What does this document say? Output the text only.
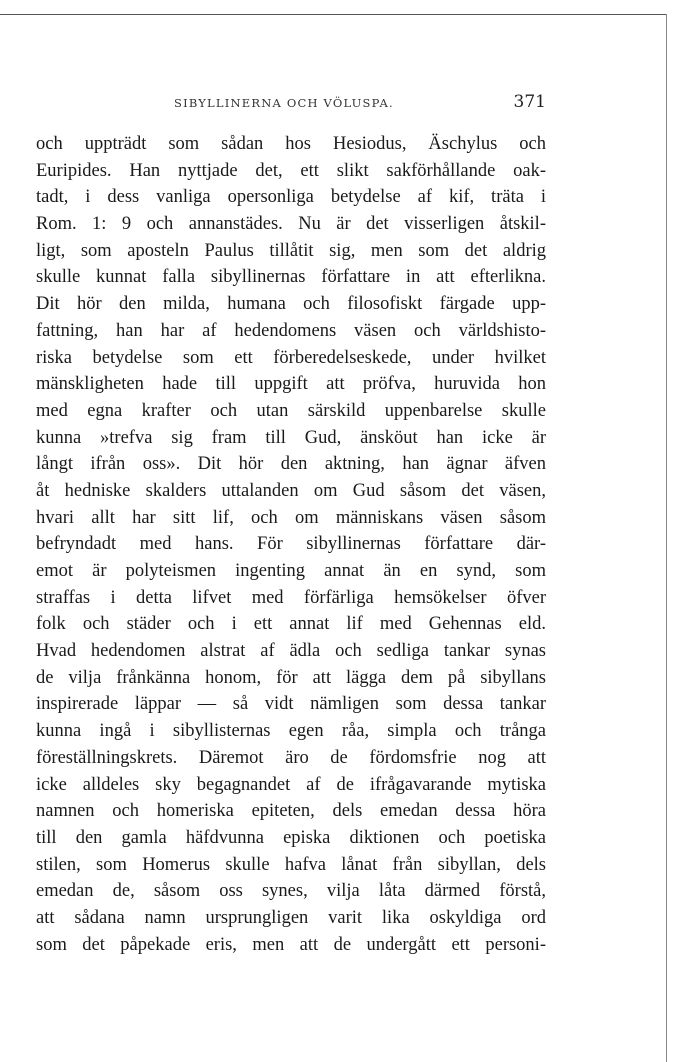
SIBYLLINERNA OCH VÖLUSPA.	371
och uppträdt som sådan hos Hesiodus, Äschylus och
Euripides. Han nyttjade det, ett slikt sakförhållande oak-
tadt, i dess vanliga opersonliga betydelse af kif, träta i
Rom. 1: 9 och annanstädes. Nu är det visserligen åtskil-
ligt, som aposteln Paulus tillåtit sig, men som det aldrig
skulle kunnat falla sibyllinernas författare in att efterlikna.
Dit hör den milda, humana och filosofiskt färgade upp-
fattning, han har af hedendomens väsen och världshisto-
riska betydelse som ett förberedelseskede, under hvilket
mänskligheten hade till uppgift att pröfva, huruvida hon
med egna krafter och utan särskild uppenbarelse skulle
kunna »trefva sig fram till Gud, änsköut han icke är
långt ifrån oss». Dit hör den aktning, han ägnar äfven
åt hedniske skalders uttalanden om Gud såsom det väsen,
hvari allt har sitt lif, och om människans väsen såsom
befryndadt med hans. För sibyllinernas författare där-
emot är polyteismen ingenting annat än en synd, som
straffas i detta lifvet med förfärliga hemsökelser öfver
folk och städer och i ett annat lif med Gehennas eld.
Hvad hedendomen alstrat af ädla och sedliga tankar synas
de vilja frånkänna honom, för att lägga dem på sibyllans
inspirerade läppar — så vidt nämligen som dessa tankar
kunna ingå i sibyllisternas egen råa, simpla och trånga
föreställningskrets. Däremot äro de fördomsfrie nog att
icke alldeles sky begagnandet af de ifrågavarande mytiska
namnen och homeriska epiteten, dels emedan dessa höra
till den gamla häfdvunna episka diktionen och poetiska
stilen, som Homerus skulle hafva lånat från sibyllan, dels
emedan de, såsom oss synes, vilja låta därmed förstå,
att sådana namn ursprungligen varit lika oskyldiga ord
som det påpekade eris, men att de undergått ett personi-
